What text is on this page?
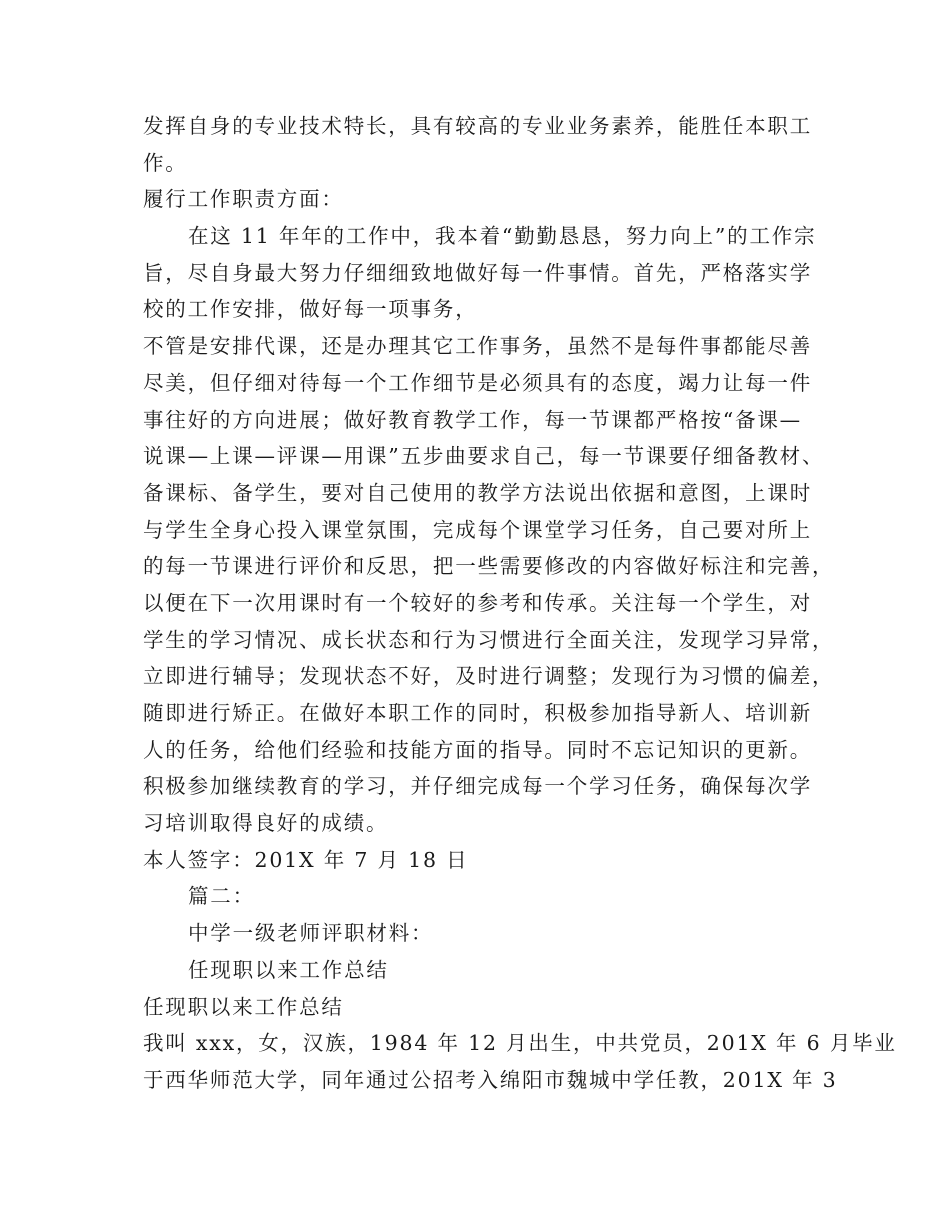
发挥自身的专业技术特长，具有较高的专业业务素养，能胜任本职工
作。
履行工作职责方面：
在这 11 年年的工作中，我本着“勤勤恳恳，努力向上”的工作宗
旨，尽自身最大努力仔细细致地做好每一件事情。首先，严格落实学
校的工作安排，做好每一项事务，
不管是安排代课，还是办理其它工作事务，虽然不是每件事都能尽善
尽美，但仔细对待每一个工作细节是必须具有的态度，竭力让每一件
事往好的方向进展；做好教育教学工作，每一节课都严格按“备课—
说课—上课—评课—用课”五步曲要求自己，每一节课要仔细备教材、
备课标、备学生，要对自己使用的教学方法说出依据和意图，上课时
与学生全身心投入课堂氛围，完成每个课堂学习任务，自己要对所上
的每一节课进行评价和反思，把一些需要修改的内容做好标注和完善，
以便在下一次用课时有一个较好的参考和传承。关注每一个学生，对
学生的学习情况、成长状态和行为习惯进行全面关注，发现学习异常，
立即进行辅导；发现状态不好，及时进行调整；发现行为习惯的偏差，
随即进行矫正。在做好本职工作的同时，积极参加指导新人、培训新
人的任务，给他们经验和技能方面的指导。同时不忘记知识的更新。
积极参加继续教育的学习，并仔细完成每一个学习任务，确保每次学
习培训取得良好的成绩。
本人签字：201X 年 7 月 18 日
篇二：
中学一级老师评职材料：
任现职以来工作总结
任现职以来工作总结
我叫 xxx，女，汉族，1984 年 12 月出生，中共党员，201X 年 6 月毕业
于西华师范大学，同年通过公招考入绵阳市魏城中学任教，201X 年 3
